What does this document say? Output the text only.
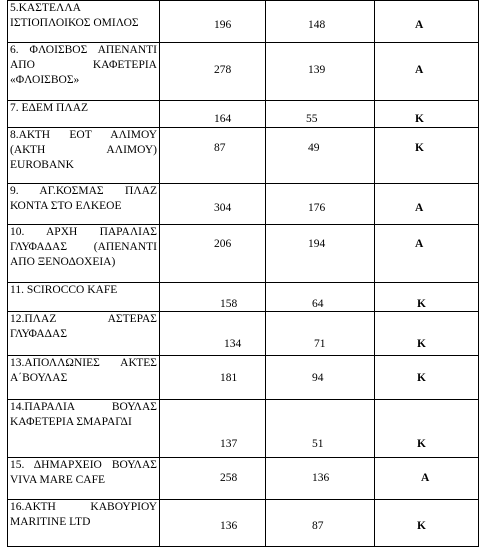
5.ΚΑΣΤΕΛΛΑ ΙΣΤΙΟΠΛΟΙΚΟΣ ΟΜΙΛΟΣ	196	148	Α

6. ΦΛΟΙΣΒΟΣ ΑΠΕΝΑΝΤΙ ΑΠΟ ΚΑΦΕΤΕΡΙΑ «ΦΛΟΙΣΒΟΣ»	278	139	Α

7. ΕΔΕΜ ΠΛΑΖ	164	55	Κ

8.ΑΚΤΗ ΕΟΤ ΑΛΙΜΟΥ (ΑΚΤΗ ΑΛΙΜΟΥ) EUROBANK	87	49	Κ

9. ΑΓ.ΚΟΣΜΑΣ ΠΛΑΖ ΚΟΝΤΑ ΣΤΟ ΕΛΚΕΟΕ	304	176	Α

10. ΑΡΧΗ ΠΑΡΑΛΙΑΣ ΓΛΥΦΑΔΑΣ (ΑΠΕΝΑΝΤΙ ΑΠΟ ΞΕΝΟΔΟΧΕΙΑ)	206	194	Α

11. SCIROCCO KAFE	158	64	Κ

12.ΠΛΑΖ ΑΣΤΕΡΑΣ ΓΛΥΦΑΔΑΣ	134	71	Κ

13.ΑΠΟΛΛΩΝΙΕΣ ΑΚΤΕΣ Α΄ΒΟΥΛΑΣ	181	94	Κ

14.ΠΑΡΑΛΙΑ ΒΟΥΛΑΣ ΚΑΦΕΤΕΡΙΑ ΣΜΑΡΑΓΔΙ	137	51	Κ

15. ΔΗΜΑΡΧΕΙΟ ΒΟΥΛΑΣ VIVA MARE CAFE	258	136	Α

16.ΑΚΤΗ ΚΑΒΟΥΡΙΟΥ MARITINE LTD	136	87	Κ
